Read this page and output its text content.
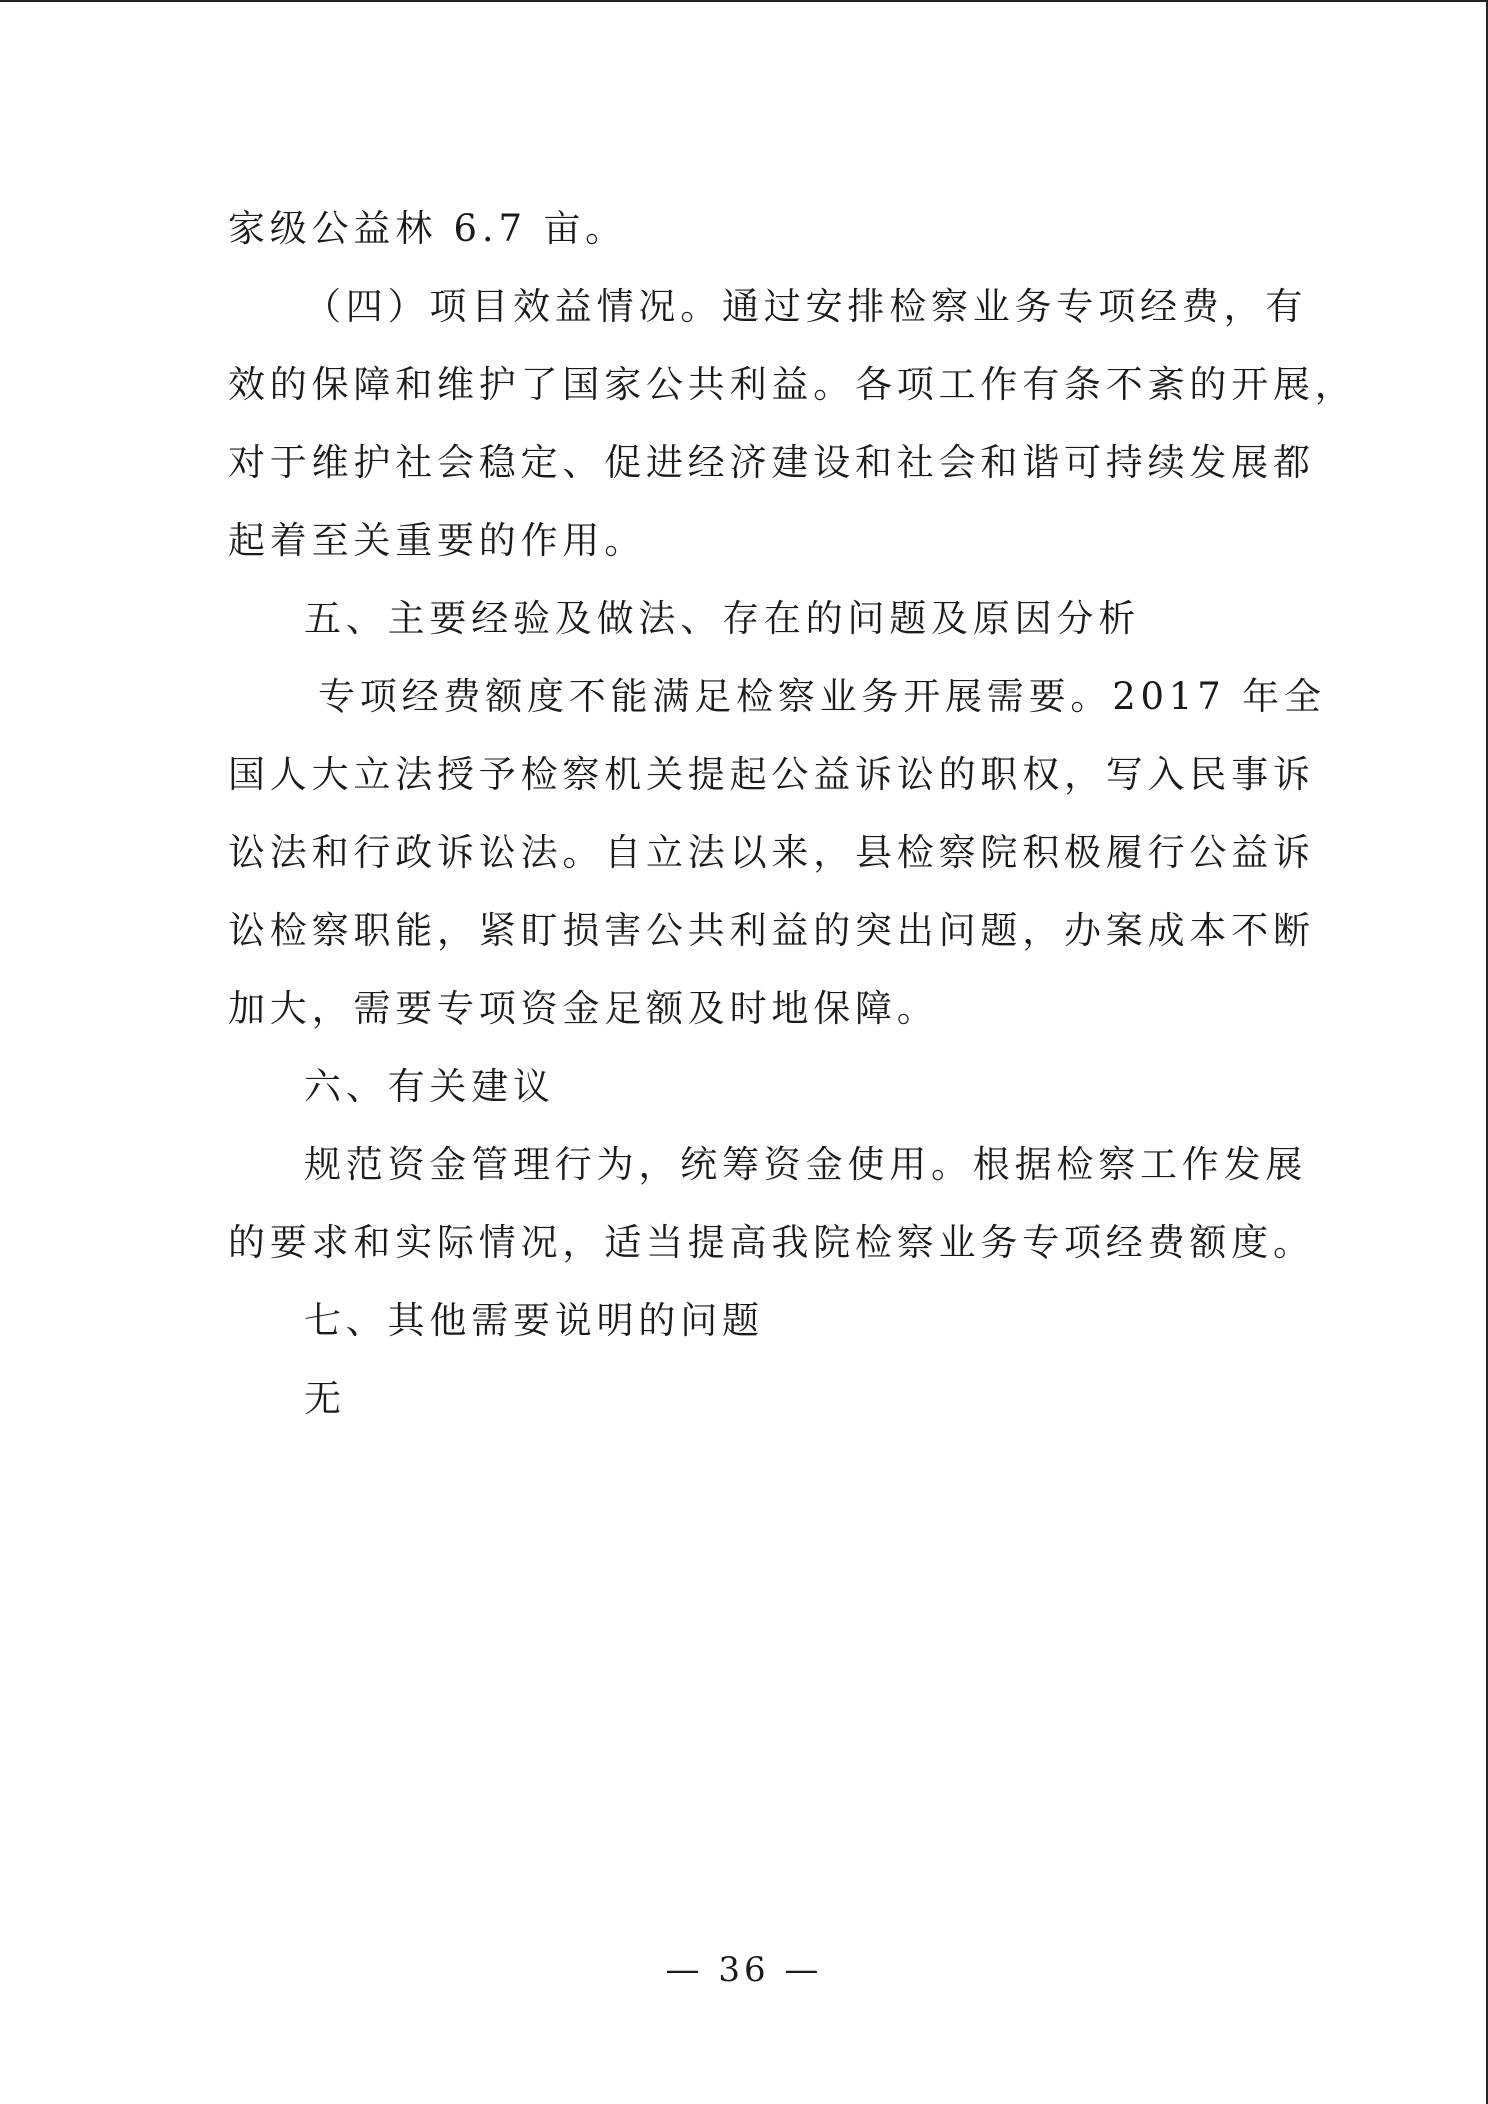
家级公益林 6.7 亩。
（四）项目效益情况。通过安排检察业务专项经费，有
效的保障和维护了国家公共利益。各项工作有条不紊的开展，
对于维护社会稳定、促进经济建设和社会和谐可持续发展都
起着至关重要的作用。
五、主要经验及做法、存在的问题及原因分析
专项经费额度不能满足检察业务开展需要。2017 年全
国人大立法授予检察机关提起公益诉讼的职权，写入民事诉
讼法和行政诉讼法。自立法以来，县检察院积极履行公益诉
讼检察职能，紧盯损害公共利益的突出问题，办案成本不断
加大，需要专项资金足额及时地保障。
六、有关建议
规范资金管理行为，统筹资金使用。根据检察工作发展
的要求和实际情况，适当提高我院检察业务专项经费额度。
七、其他需要说明的问题
无
— 36 —
